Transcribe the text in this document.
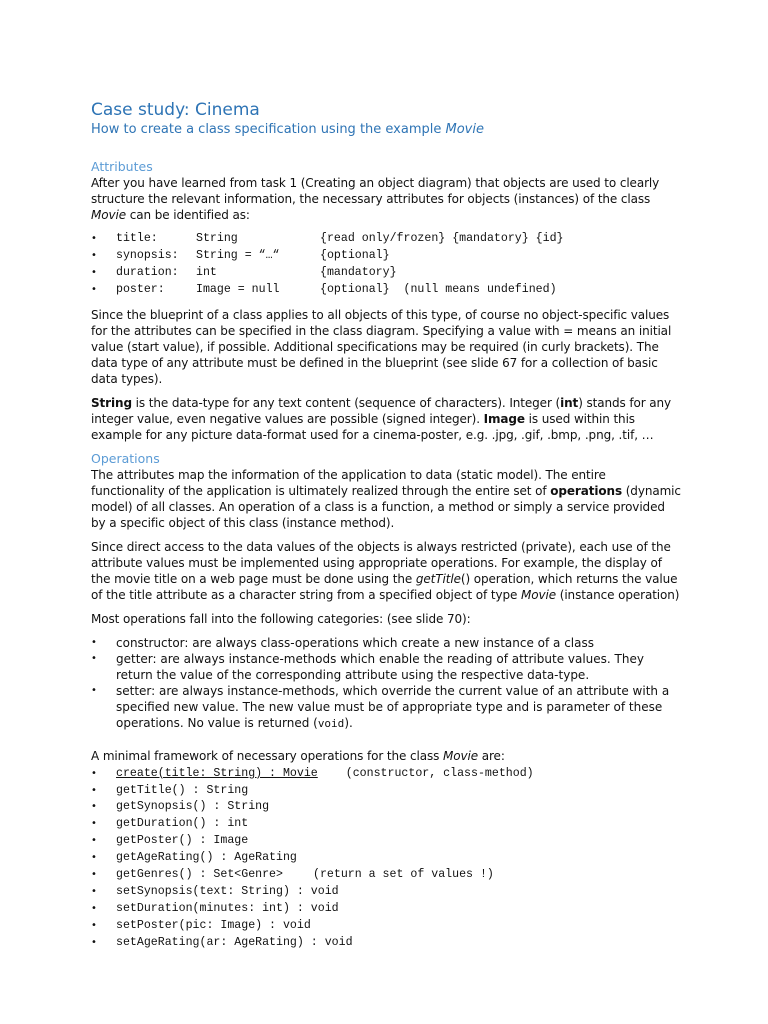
Case study: Cinema
How to create a class specification using the example Movie
Attributes

After you have learned from task 1 (Creating an object diagram) that objects are used to clearly structure the relevant information, the necessary attributes for objects (instances) of the class Movie can be identified as:

• title:	String	{read only/frozen} {mandatory} {id}
• synopsis: String = “…“	{optional}
• duration: int	{mandatory}
• poster:	Image = null	{optional}  (null means undefined)

Since the blueprint of a class applies to all objects of this type, of course no object-specific values for the attributes can be specified in the class diagram. Specifying a value with = means an initial value (start value), if possible. Additional specifications may be required (in curly brackets). The data type of any attribute must be defined in the blueprint (see slide 67 for a collection of basic data types).

String is the data-type for any text content (sequence of characters). Integer (int) stands for any integer value, even negative values are possible (signed integer). Image is used within this example for any picture data-format used for a cinema-poster, e.g. .jpg, .gif, .bmp, .png, .tif, …

Operations

The attributes map the information of the application to data (static model). The entire functionality of the application is ultimately realized through the entire set of operations (dynamic model) of all classes. An operation of a class is a function, a method or simply a service provided by a specific object of this class (instance method).

Since direct access to the data values of the objects is always restricted (private), each use of the attribute values must be implemented using appropriate operations. For example, the display of the movie title on a web page must be done using the getTitle() operation, which returns the value of the title attribute as a character string from a specified object of type Movie (instance operation)

Most operations fall into the following categories: (see slide 70):

• constructor: are always class-operations which create a new instance of a class
• getter: are always instance-methods which enable the reading of attribute values. They return the value of the corresponding attribute using the respective data-type.
• setter: are always instance-methods, which override the current value of an attribute with a specified new value. The new value must be of appropriate type and is parameter of these operations. No value is returned (void).

A minimal framework of necessary operations for the class Movie are:

• create(title: String) : Movie (constructor, class-method)
• getTitle() : String
• getSynopsis() : String
• getDuration() : int
• getPoster() : Image
• getAgeRating() : AgeRating
• getGenres() : Set<Genre>	(return a set of values !)
• setSynopsis(text: String) : void
• setDuration(minutes: int) : void
• setPoster(pic: Image) : void
• setAgeRating(ar: AgeRating) : void
